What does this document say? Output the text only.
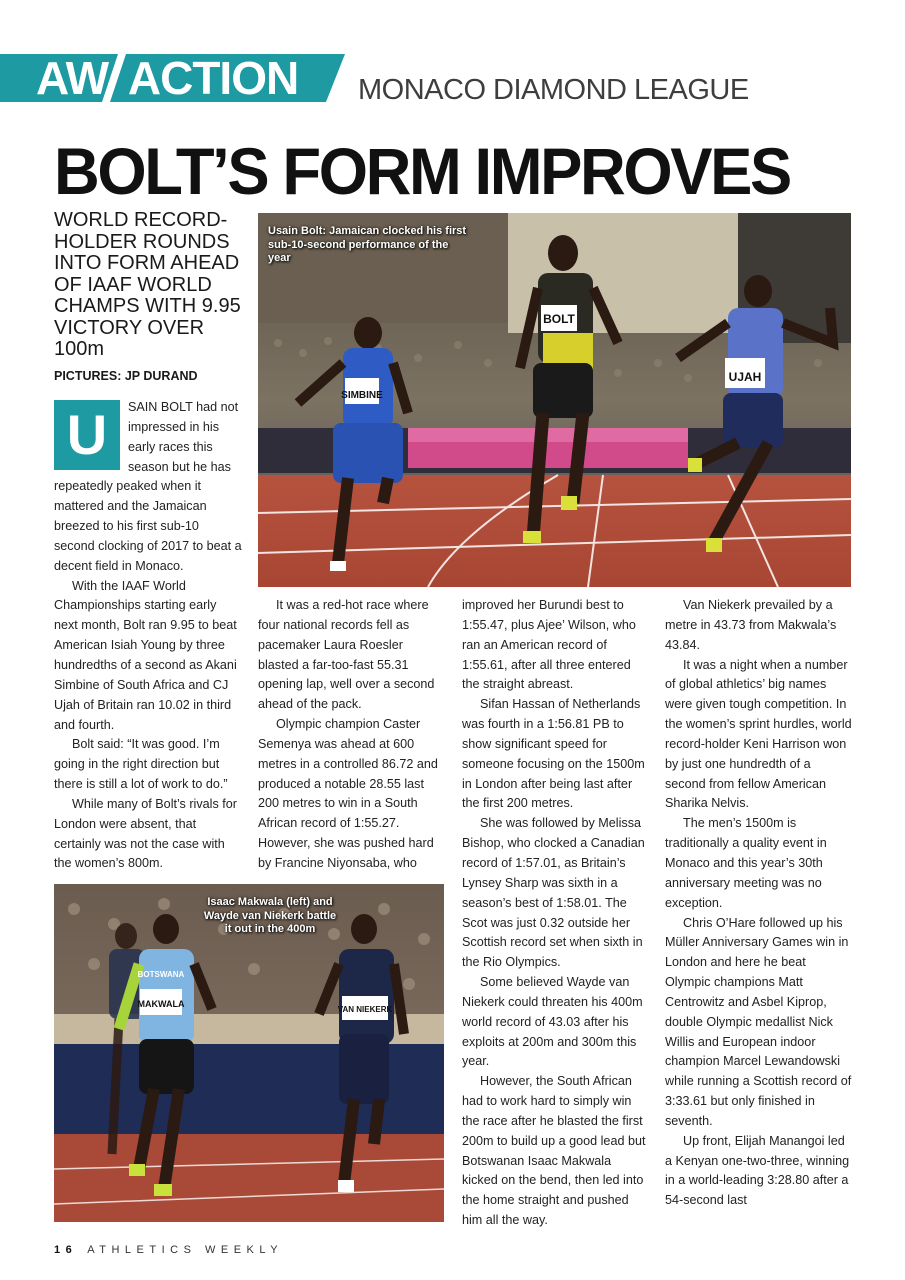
AW ACTION MONACO DIAMOND LEAGUE
BOLT’S FORM IMPROVES
WORLD RECORD-HOLDER ROUNDS INTO FORM AHEAD OF IAAF WORLD CHAMPS WITH 9.95 VICTORY OVER 100m
PICTURES: JP DURAND
SIMBINE
BOLT
UJAH
Usain Bolt: Jamaican clocked his first sub-10-second performance of the year
BOTSWANA
MAKWALA
VAN NIEKERK
Isaac Makwala (left) and Wayde van Niekerk battle it out in the 400m
U	SAIN BOLT had not impressed in his early races this season but he has repeatedly peaked when it mattered and the Jamaican breezed to his first sub-10 second clocking of 2017 to beat a decent field in Monaco.

With the IAAF World Championships starting early next month, Bolt ran 9.95 to beat American Isiah Young by three hundredths of a second as Akani Simbine of South Africa and CJ Ujah of Britain ran 10.02 in third and fourth.

Bolt said: “It was good. I’m going in the right direction but there is still a lot of work to do.”

While many of Bolt’s rivals for London were absent, that certainly was not the case with the women’s 800m.

It was a red-hot race where four national records fell as pacemaker Laura Roesler blasted a far-too-fast 55.31 opening lap, well over a second ahead of the pack.

Olympic champion Caster Semenya was ahead at 600 metres in a controlled 86.72 and produced a notable 28.55 last 200 metres to win in a South African record of 1:55.27. However, she was pushed hard by Francine Niyonsaba, who

improved her Burundi best to 1:55.47, plus Ajee’ Wilson, who ran an American record of 1:55.61, after all three entered the straight abreast.

Sifan Hassan of Netherlands was fourth in a 1:56.81 PB to show significant speed for someone focusing on the 1500m in London after being last after the first 200 metres.

She was followed by Melissa Bishop, who clocked a Canadian record of 1:57.01, as Britain’s Lynsey Sharp was sixth in a season’s best of 1:58.01. The Scot was just 0.32 outside her Scottish record set when sixth in the Rio Olympics.

Some believed Wayde van Niekerk could threaten his 400m world record of 43.03 after his exploits at 200m and 300m this year.

However, the South African had to work hard to simply win the race after he blasted the first 200m to build up a good lead but Botswanan Isaac Makwala kicked on the bend, then led into the home straight and pushed him all the way.

Van Niekerk prevailed by a metre in 43.73 from Makwala’s 43.84.

It was a night when a number of global athletics’ big names were given tough competition. In the women’s sprint hurdles, world record-holder Keni Harrison won by just one hundredth of a second from fellow American Sharika Nelvis.

The men’s 1500m is traditionally a quality event in Monaco and this year’s 30th anniversary meeting was no exception.

Chris O’Hare followed up his Müller Anniversary Games win in London and here he beat Olympic champions Matt Centrowitz and Asbel Kiprop, double Olympic medallist Nick Willis and European indoor champion Marcel Lewandowski while running a Scottish record of 3:33.61 but only finished in seventh.

Up front, Elijah Manangoi led a Kenyan one-two-three, winning in a world-leading 3:28.80 after a 54-second last

16 ATHLETICS WEEKLY
